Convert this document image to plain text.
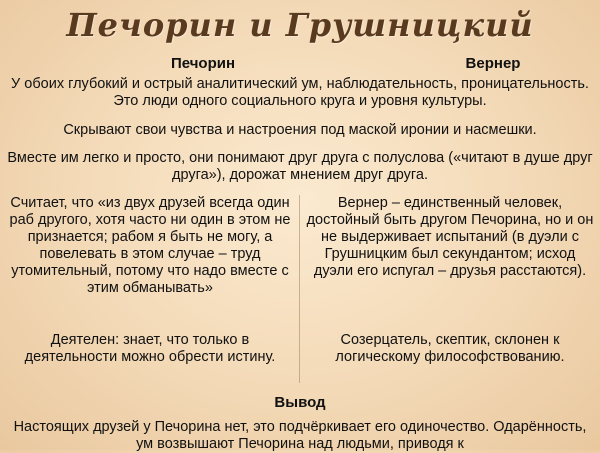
Печорин и Грушницкий
Печорин	Вернер
У обоих глубокий и острый аналитический ум, наблюдательность, проницательность. Это люди одного социального круга и уровня культуры.
Скрывают свои чувства и настроения под маской иронии и насмешки.
Вместе им легко и просто, они понимают друг друга с полуслова («читают в душе друг друга»), дорожат мнением друг друга.
Считает, что «из двух друзей всегда один раб другого, хотя часто ни один в этом не признается; рабом я быть не могу, а повелевать в этом случае – труд утомительный, потому что надо вместе с этим обманывать»
Вернер – единственный человек, достойный быть другом Печорина, но и он не выдерживает испытаний (в дуэли с Грушницким был секундантом; исход дуэли его испугал – друзья расстаются).
Деятелен: знает, что только в деятельности можно обрести истину.
Созерцатель, скептик, склонен к логическому философствованию.
Вывод
Настоящих друзей у Печорина нет, это подчёркивает его одиночество. Одарённость, ум возвышают Печорина над людьми, приводя к
